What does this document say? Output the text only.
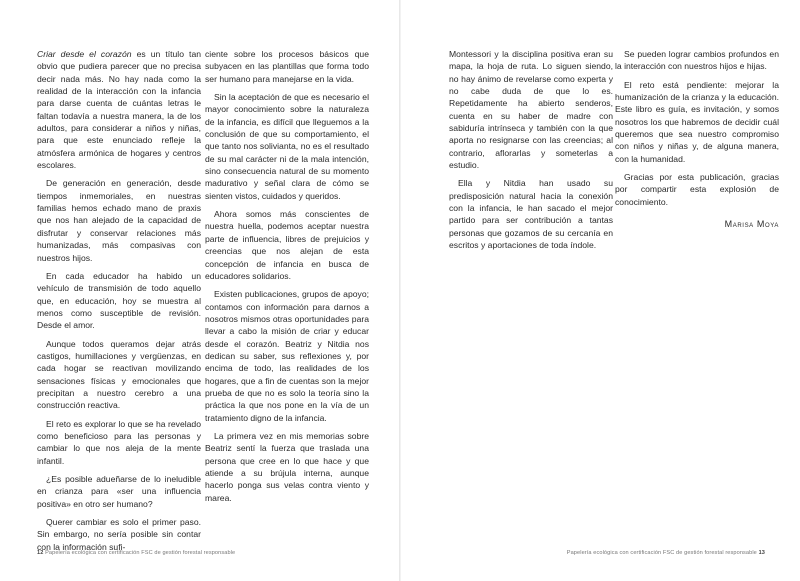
Criar desde el corazón es un título tan obvio que pudiera parecer que no precisa decir nada más. No hay nada como la realidad de la interacción con la infancia para darse cuenta de cuántas letras le faltan todavía a nuestra manera, la de los adultos, para considerar a niños y niñas, para que este enunciado refleje la atmósfera armónica de hogares y centros escolares.

De generación en generación, desde tiempos inmemoriales, en nuestras familias hemos echado mano de praxis que nos han alejado de la capacidad de disfrutar y conservar relaciones más humanizadas, más compasivas con nuestros hijos.

En cada educador ha habido un vehículo de transmisión de todo aquello que, en educación, hoy se muestra al menos como susceptible de revisión. Desde el amor.

Aunque todos queramos dejar atrás castigos, humillaciones y vergüenzas, en cada hogar se reactivan movilizando sensaciones físicas y emocionales que precipitan a nuestro cerebro a una construcción reactiva.

El reto es explorar lo que se ha revelado como beneficioso para las personas y cambiar lo que nos aleja de la mente infantil.

¿Es posible adueñarse de lo ineludible en crianza para «ser una influencia positiva» en otro ser humano?

Querer cambiar es solo el primer paso. Sin embargo, no sería posible sin contar con la información sufi-

ciente sobre los procesos básicos que subyacen en las plantillas que forma todo ser humano para manejarse en la vida.

Sin la aceptación de que es necesario el mayor conocimiento sobre la naturaleza de la infancia, es difícil que lleguemos a la conclusión de que su comportamiento, el que tanto nos solivianta, no es el resultado de su mal carácter ni de la mala intención, sino consecuencia natural de su momento madurativo y señal clara de cómo se sienten vistos, cuidados y queridos.

Ahora somos más conscientes de nuestra huella, podemos aceptar nuestra parte de influencia, libres de prejuicios y creencias que nos alejan de esta concepción de infancia en busca de educadores solidarios.

Existen publicaciones, grupos de apoyo; contamos con información para darnos a nosotros mismos otras oportunidades para llevar a cabo la misión de criar y educar desde el corazón. Beatriz y Nitdia nos dedican su saber, sus reflexiones y, por encima de todo, las realidades de los hogares, que a fin de cuentas son la mejor prueba de que no es solo la teoría sino la práctica la que nos pone en la vía de un tratamiento digno de la infancia.

La primera vez en mis memorias sobre Beatriz sentí la fuerza que traslada una persona que cree en lo que hace y que atiende a su brújula interna, aunque hacerlo ponga sus velas contra viento y marea.

Montessori y la disciplina positiva eran su mapa, la hoja de ruta. Lo siguen siendo, no hay ánimo de revelarse como experta y no cabe duda de que lo es. Repetidamente ha abierto senderos, cuenta en su haber de madre con sabiduría intrínseca y también con la que aporta no resignarse con las creencias; al contrario, aflorarlas y someterlas a estudio.

Ella y Nitdia han usado su predisposición natural hacia la conexión con la infancia, le han sacado el mejor partido para ser contribución a tantas personas que gozamos de su cercanía en escritos y aportaciones de toda índole.

Se pueden lograr cambios profundos en la interacción con nuestros hijos e hijas.

El reto está pendiente: mejorar la humanización de la crianza y la educación. Este libro es guía, es invitación, y somos nosotros los que habremos de decidir cuál queremos que sea nuestro compromiso con niños y niñas y, de alguna manera, con la humanidad.

Gracias por esta publicación, gracias por compartir esta explosión de conocimiento.

Marisa Moya
12 Papelería ecológica con certificación FSC de gestión forestal responsable	Papelería ecológica con certificación FSC de gestión forestal responsable 13
